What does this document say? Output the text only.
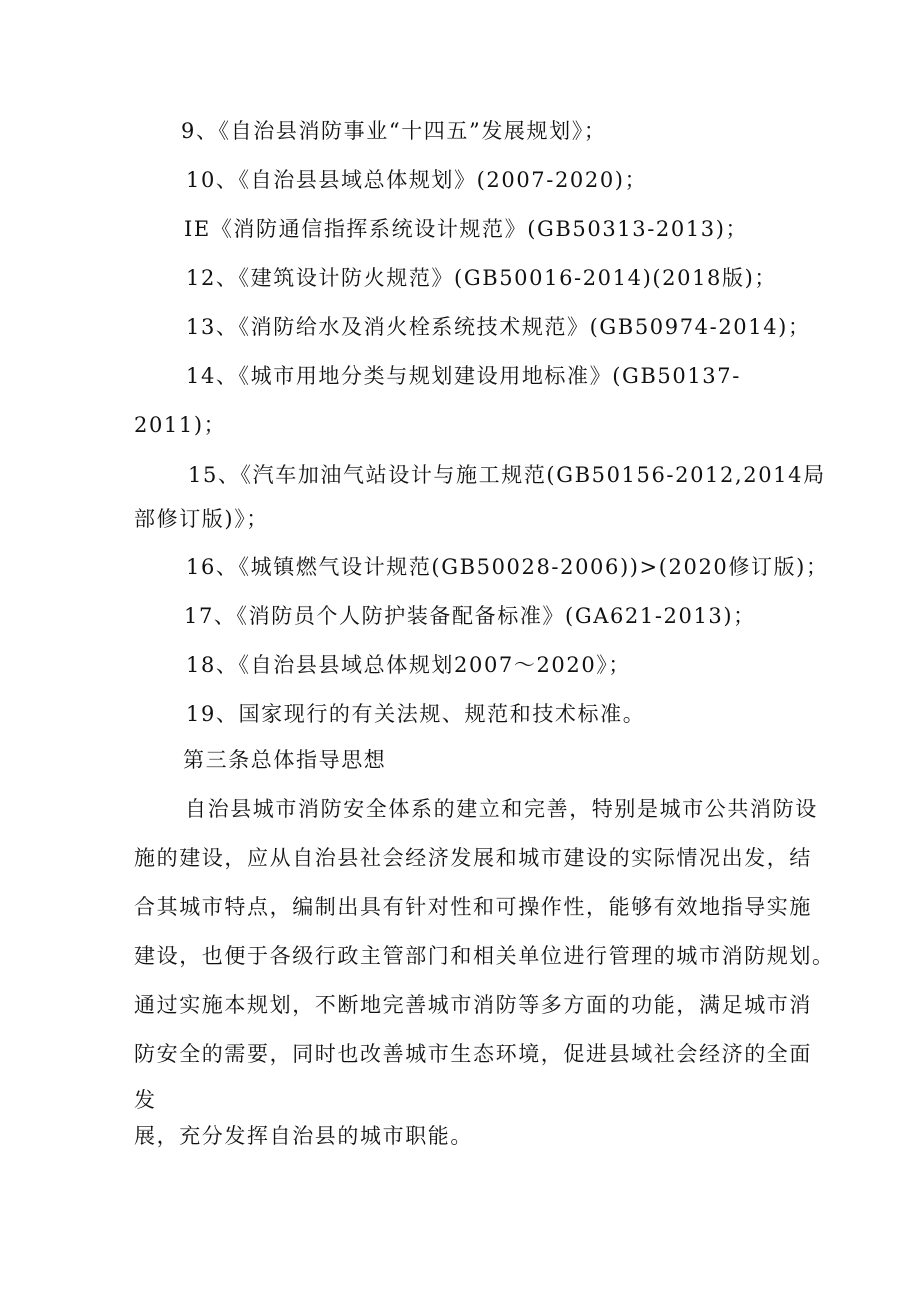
9、《自治县消防事业“十四五”发展规划》；

10、《自治县县域总体规划》(2007-2020)；

IE《消防通信指挥系统设计规范》(GB50313-2013)；

12、《建筑设计防火规范》(GB50016-2014)(2018版)；

13、《消防给水及消火栓系统技术规范》(GB50974-2014)；

14、《城市用地分类与规划建设用地标准》(GB50137-

2011)；

15、《汽车加油气站设计与施工规范(GB50156-2012,2014局

部修订版)》；

16、《城镇燃气设计规范(GB50028-2006))>(2020修订版)；

17、《消防员个人防护装备配备标准》(GA621-2013)；

18、《自治县县域总体规划2007～2020》；

19、国家现行的有关法规、规范和技术标准。

第三条总体指导思想

自治县城市消防安全体系的建立和完善，特别是城市公共消防设

施的建设，应从自治县社会经济发展和城市建设的实际情况出发，结

合其城市特点，编制出具有针对性和可操作性，能够有效地指导实施

建设，也便于各级行政主管部门和相关单位进行管理的城市消防规划。

通过实施本规划，不断地完善城市消防等多方面的功能，满足城市消

防安全的需要，同时也改善城市生态环境，促进县域社会经济的全面

发

展，充分发挥自治县的城市职能。
